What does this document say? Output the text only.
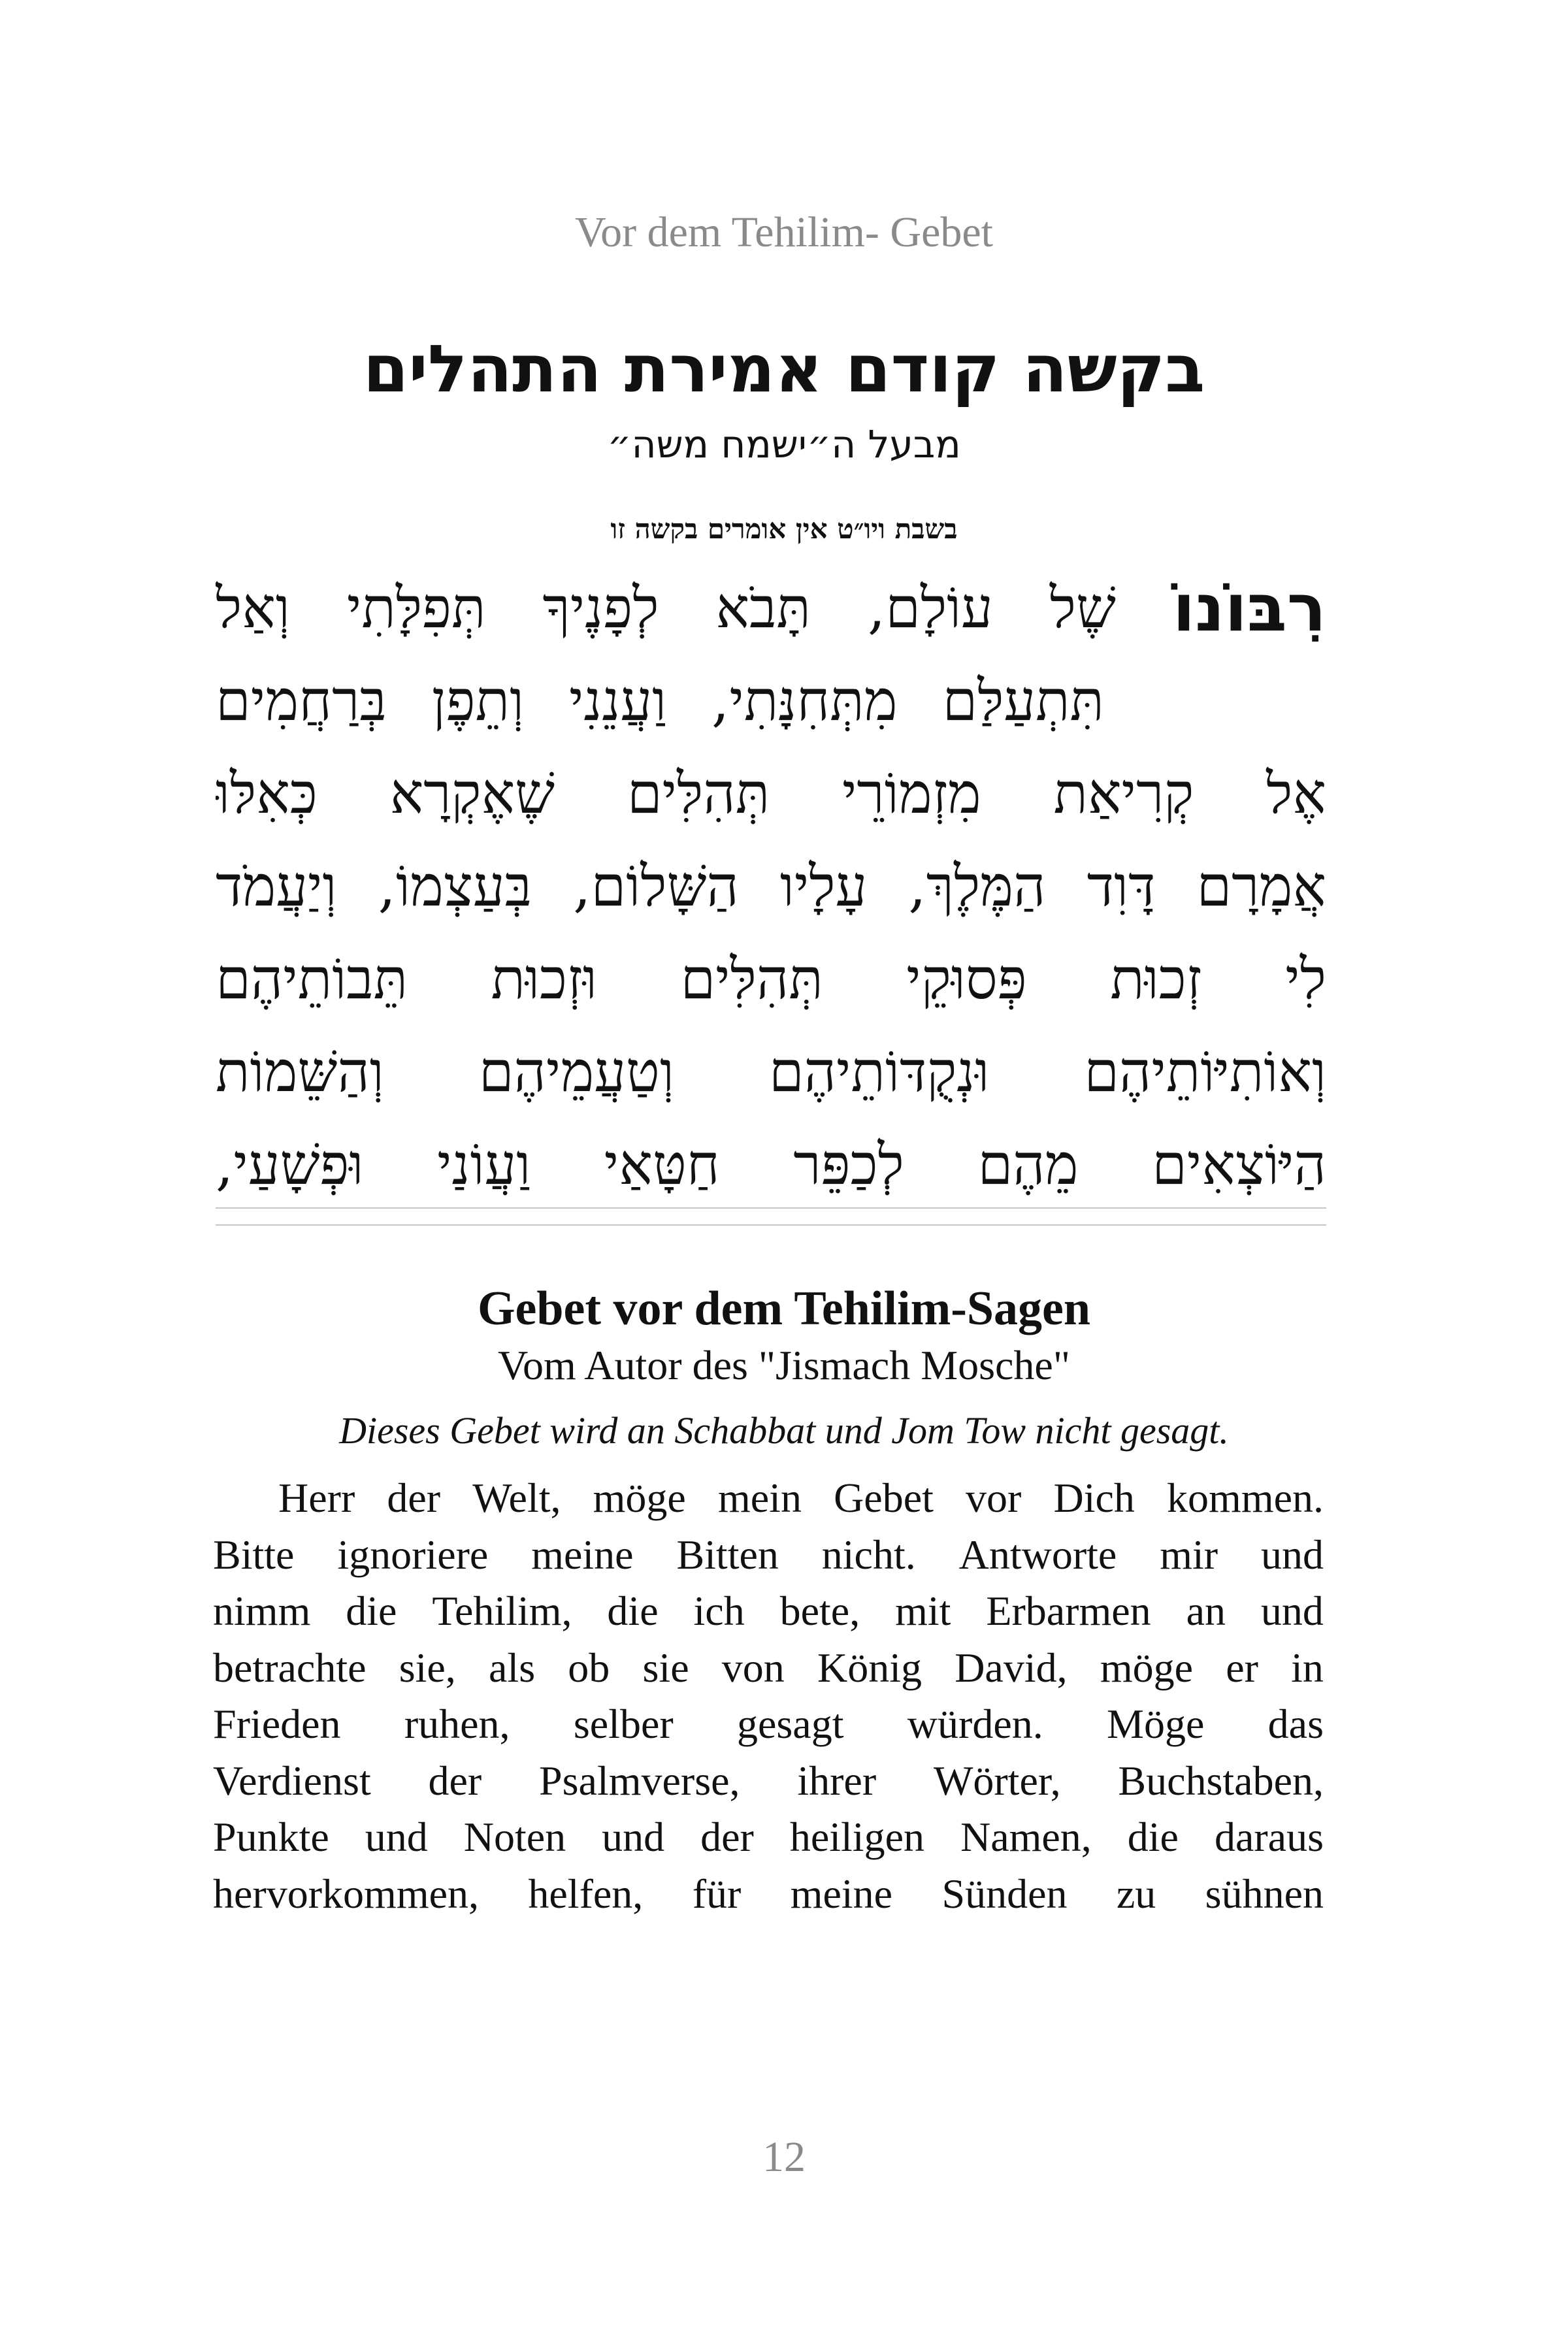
Vor dem Tehilim- Gebet
בקשה קודם אמירת התהלים
מבעל ה״ישמח משה״
בשבת ויו״ט אין אומרים בקשה זו
רִבּוֹנוֹ
שֶׁל
עוֹלָם,
תָּבֹא
לְפָנֶיךָ
תְּפִלָּתִי
וְאַל
תִּתְעַלַּם
מִתְּחִנָּתִי,
וַעֲנֵנִי
וְתֵפֶן
בְּרַחֲמִים
אֶל
קְרִיאַת
מִזְמוֹרֵי
תְּהִלִּים
שֶׁאֶקְרָא
כְּאִלּוּ
אֲמָרָם
דָּוִד
הַמֶּלֶךְ,
עָלָיו
הַשָּׁלוֹם,
בְּעַצְמוֹ,
וְיַעֲמֹד
לִי
זְכוּת
פְּסוּקֵי
תְּהִלִּים
וּזְכוּת
תֵּבוֹתֵיהֶם
וְאוֹתִיּוֹתֵיהֶם
וּנְקֻדּוֹתֵיהֶם
וְטַעֲמֵיהֶם
וְהַשֵּׁמוֹת
הַיּוֹצְאִים
מֵהֶם
לְכַפֵּר
חַטָּאַי
וַעֲוֹנַי
וּפְשָׁעַי,
Gebet vor dem Tehilim-Sagen
Vom Autor des "Jismach Mosche"
Dieses Gebet wird an Schabbat und Jom Tow nicht gesagt.
Herr der Welt, möge mein Gebet vor Dich kommen.
Bitte ignoriere meine Bitten nicht. Antworte mir und
nimm die Tehilim, die ich bete, mit Erbarmen an und
betrachte sie, als ob sie von König David, möge er in
Frieden ruhen, selber gesagt würden. Möge das
Verdienst der Psalmverse, ihrer Wörter, Buchstaben,
Punkte und Noten und der heiligen Namen, die daraus
hervorkommen, helfen, für meine Sünden zu sühnen
12
